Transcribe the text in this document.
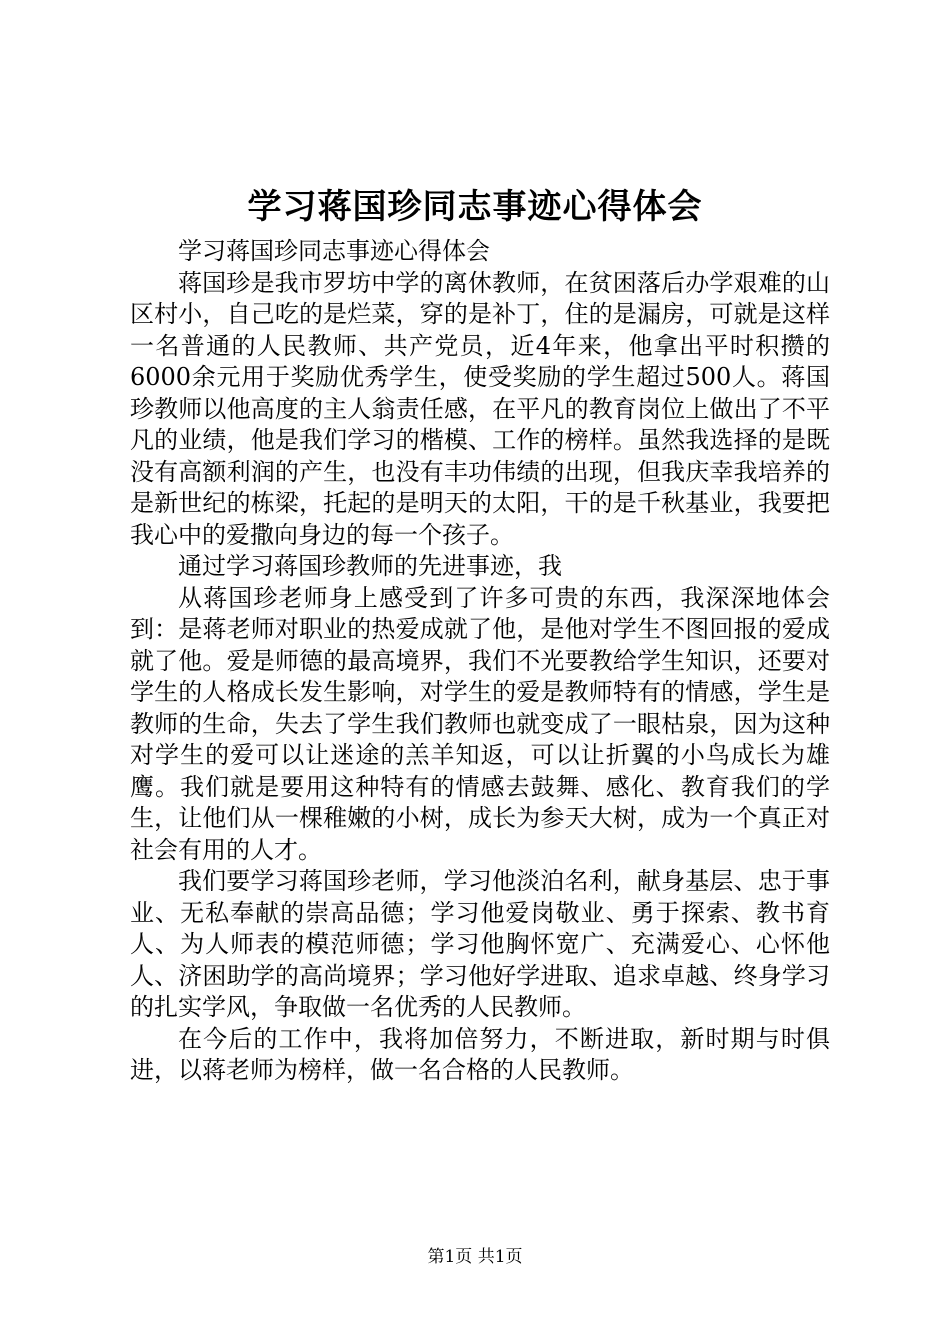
学习蒋国珍同志事迹心得体会

学习蒋国珍同志事迹心得体会

蒋国珍是我市罗坊中学的离休教师，在贫困落后办学艰难的山区村小，自己吃的是烂菜，穿的是补丁，住的是漏房，可就是这样一名普通的人民教师、共产党员，近4年来，他拿出平时积攒的6000余元用于奖励优秀学生，使受奖励的学生超过500人。蒋国珍教师以他高度的主人翁责任感，在平凡的教育岗位上做出了不平凡的业绩，他是我们学习的楷模、工作的榜样。虽然我选择的是既没有高额利润的产生，也没有丰功伟绩的出现，但我庆幸我培养的是新世纪的栋梁，托起的是明天的太阳，干的是千秋基业，我要把我心中的爱撒向身边的每一个孩子。

通过学习蒋国珍教师的先进事迹，我

从蒋国珍老师身上感受到了许多可贵的东西，我深深地体会到：是蒋老师对职业的热爱成就了他，是他对学生不图回报的爱成就了他。爱是师德的最高境界，我们不光要教给学生知识，还要对学生的人格成长发生影响，对学生的爱是教师特有的情感，学生是教师的生命，失去了学生我们教师也就变成了一眼枯泉，因为这种对学生的爱可以让迷途的羔羊知返，可以让折翼的小鸟成长为雄鹰。我们就是要用这种特有的情感去鼓舞、感化、教育我们的学生，让他们从一棵稚嫩的小树，成长为参天大树，成为一个真正对社会有用的人才。

我们要学习蒋国珍老师，学习他淡泊名利，献身基层、忠于事业、无私奉献的崇高品德；学习他爱岗敬业、勇于探索、教书育人、为人师表的模范师德；学习他胸怀宽广、充满爱心、心怀他人、济困助学的高尚境界；学习他好学进取、追求卓越、终身学习的扎实学风，争取做一名优秀的人民教师。

在今后的工作中，我将加倍努力，不断进取，新时期与时俱进，以蒋老师为榜样，做一名合格的人民教师。

第1页 共1页
